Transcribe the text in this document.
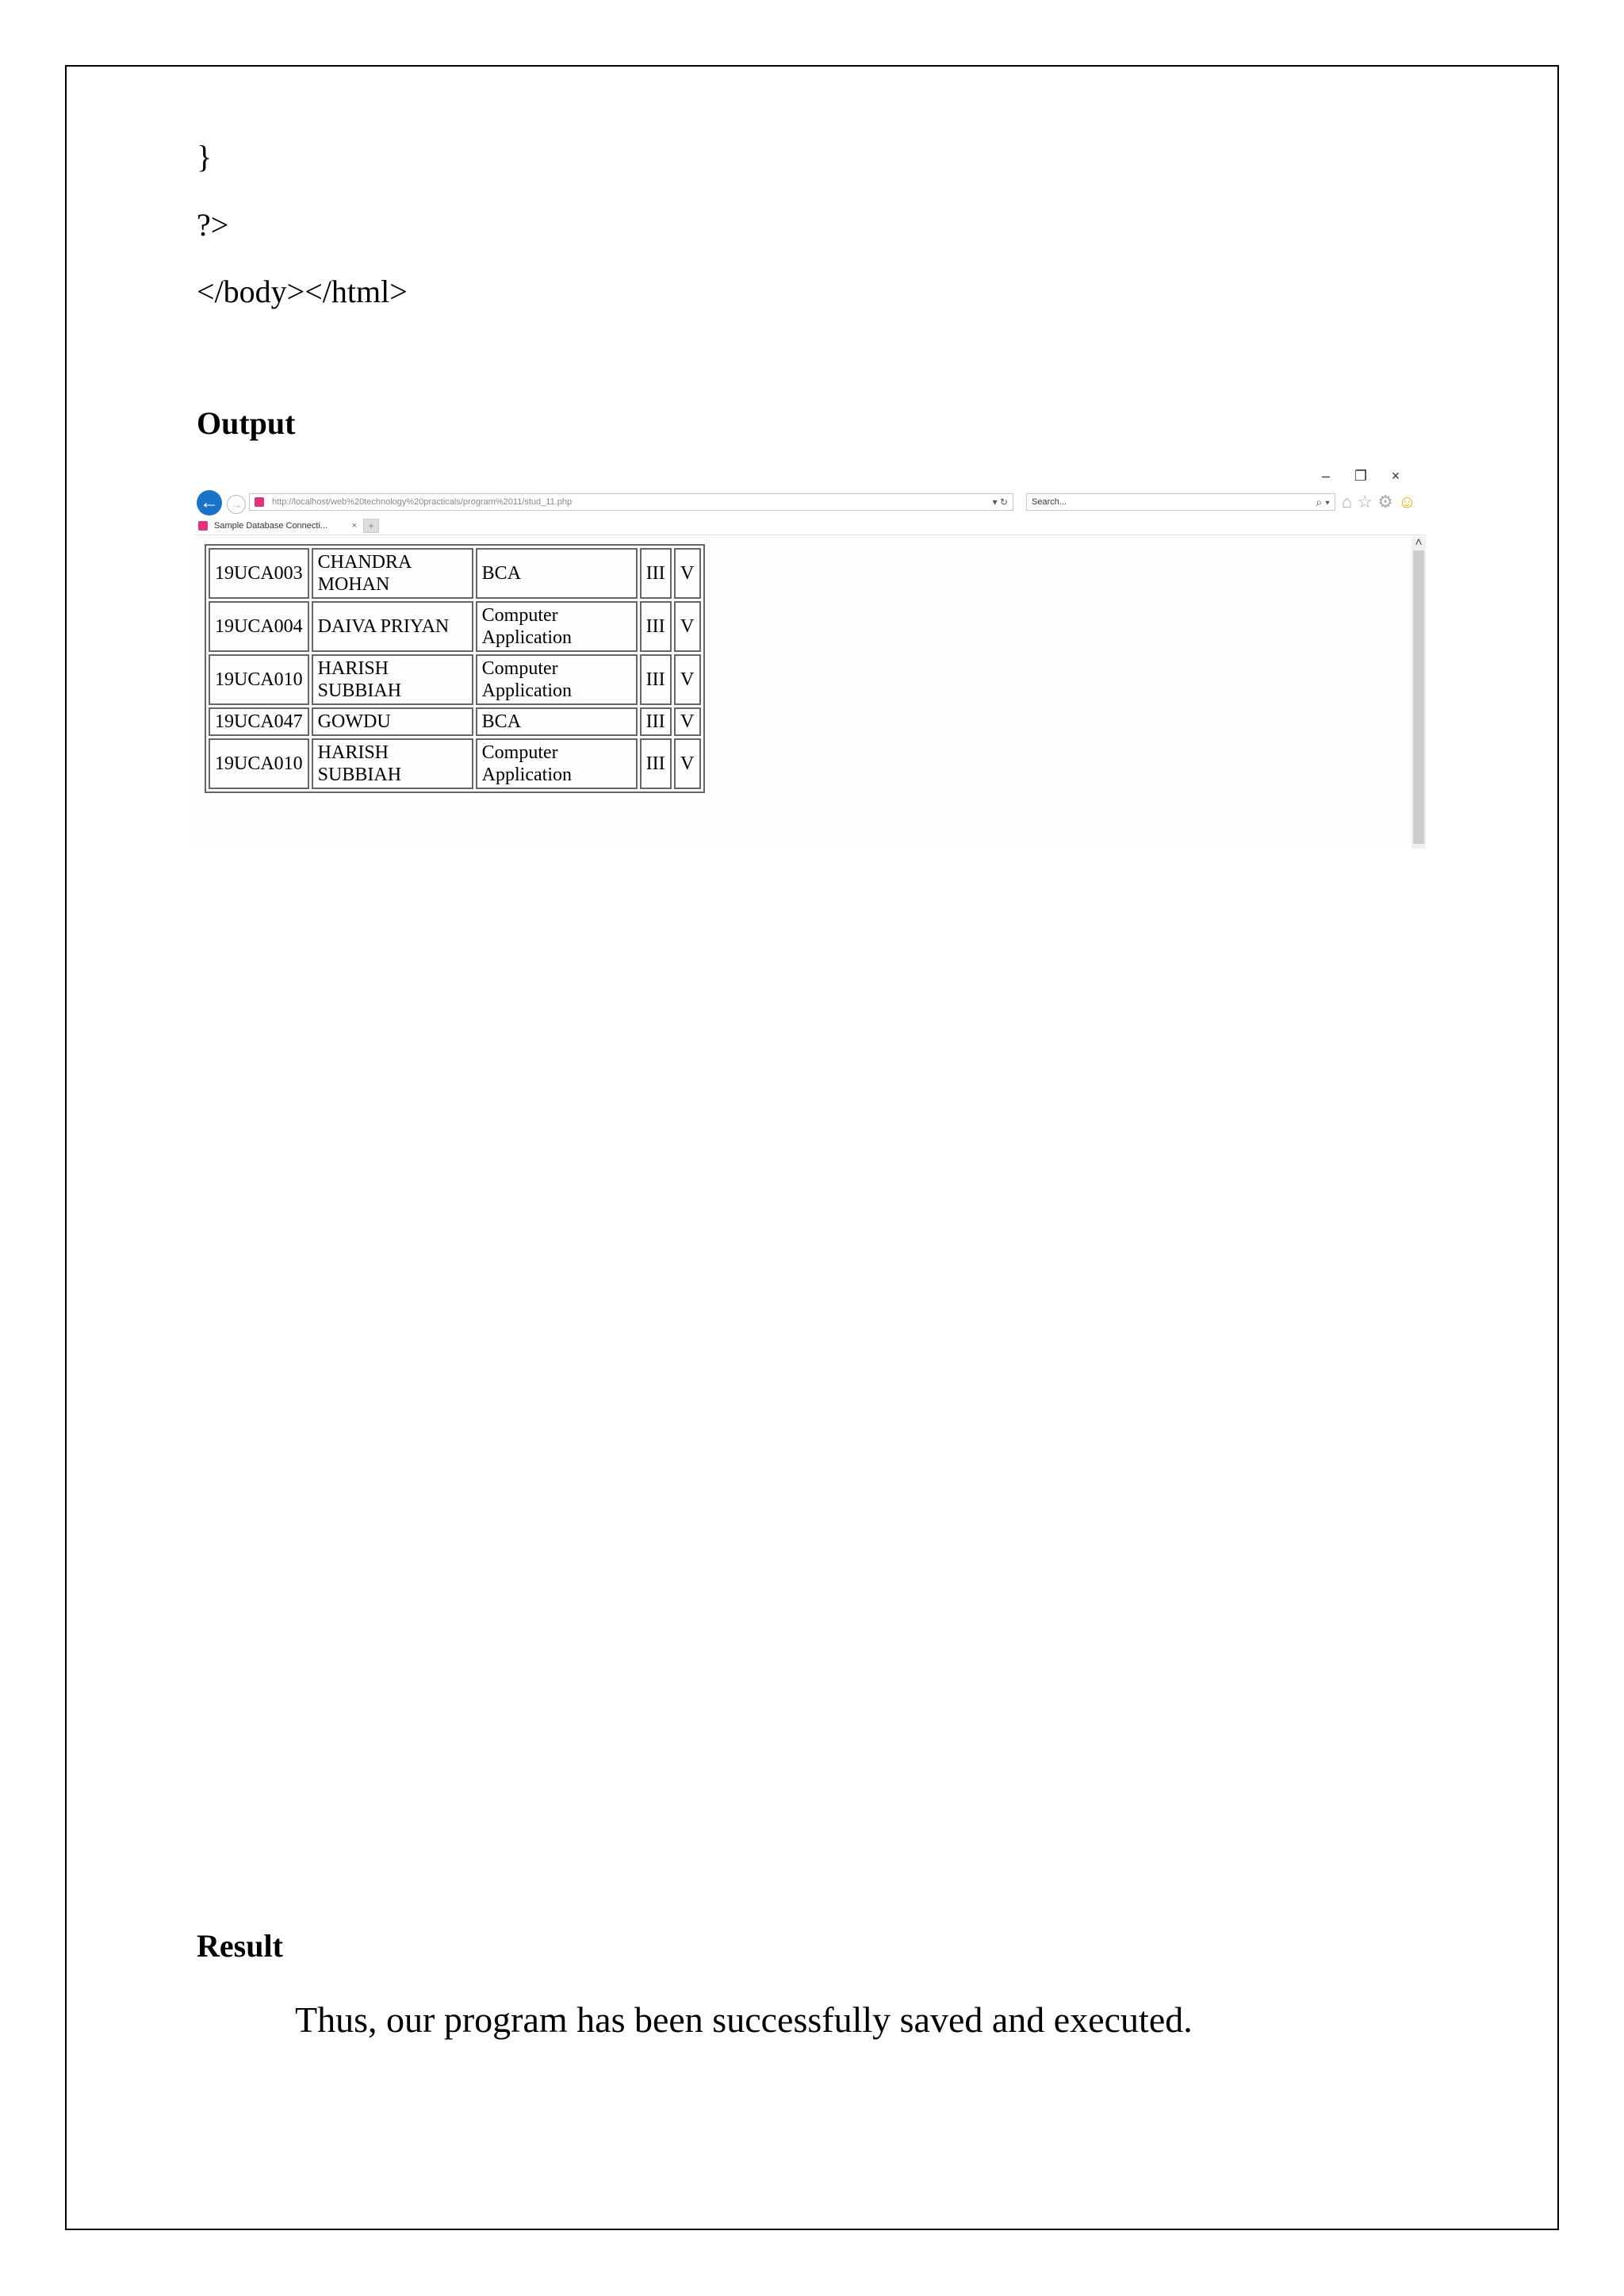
}
?>
</body></html>
Output
– ❐ ×
←	→	http://localhost/web%20technology%20practicals/program%2011/stud_11.php	▾ ↻	Search...	⌕ ▾ ⌂ ☆ ⚙ ☺
Sample Database Connecti...	×	+
19UCA003	CHANDRA MOHAN	BCA	III	V
19UCA004	DAIVA PRIYAN	Computer Application	III	V
19UCA010	HARISH SUBBIAH	Computer Application	III	V
19UCA047	GOWDU	BCA	III	V
19UCA010	HARISH SUBBIAH	Computer Application	III	V
˄
Result
Thus, our program has been successfully saved and executed.
